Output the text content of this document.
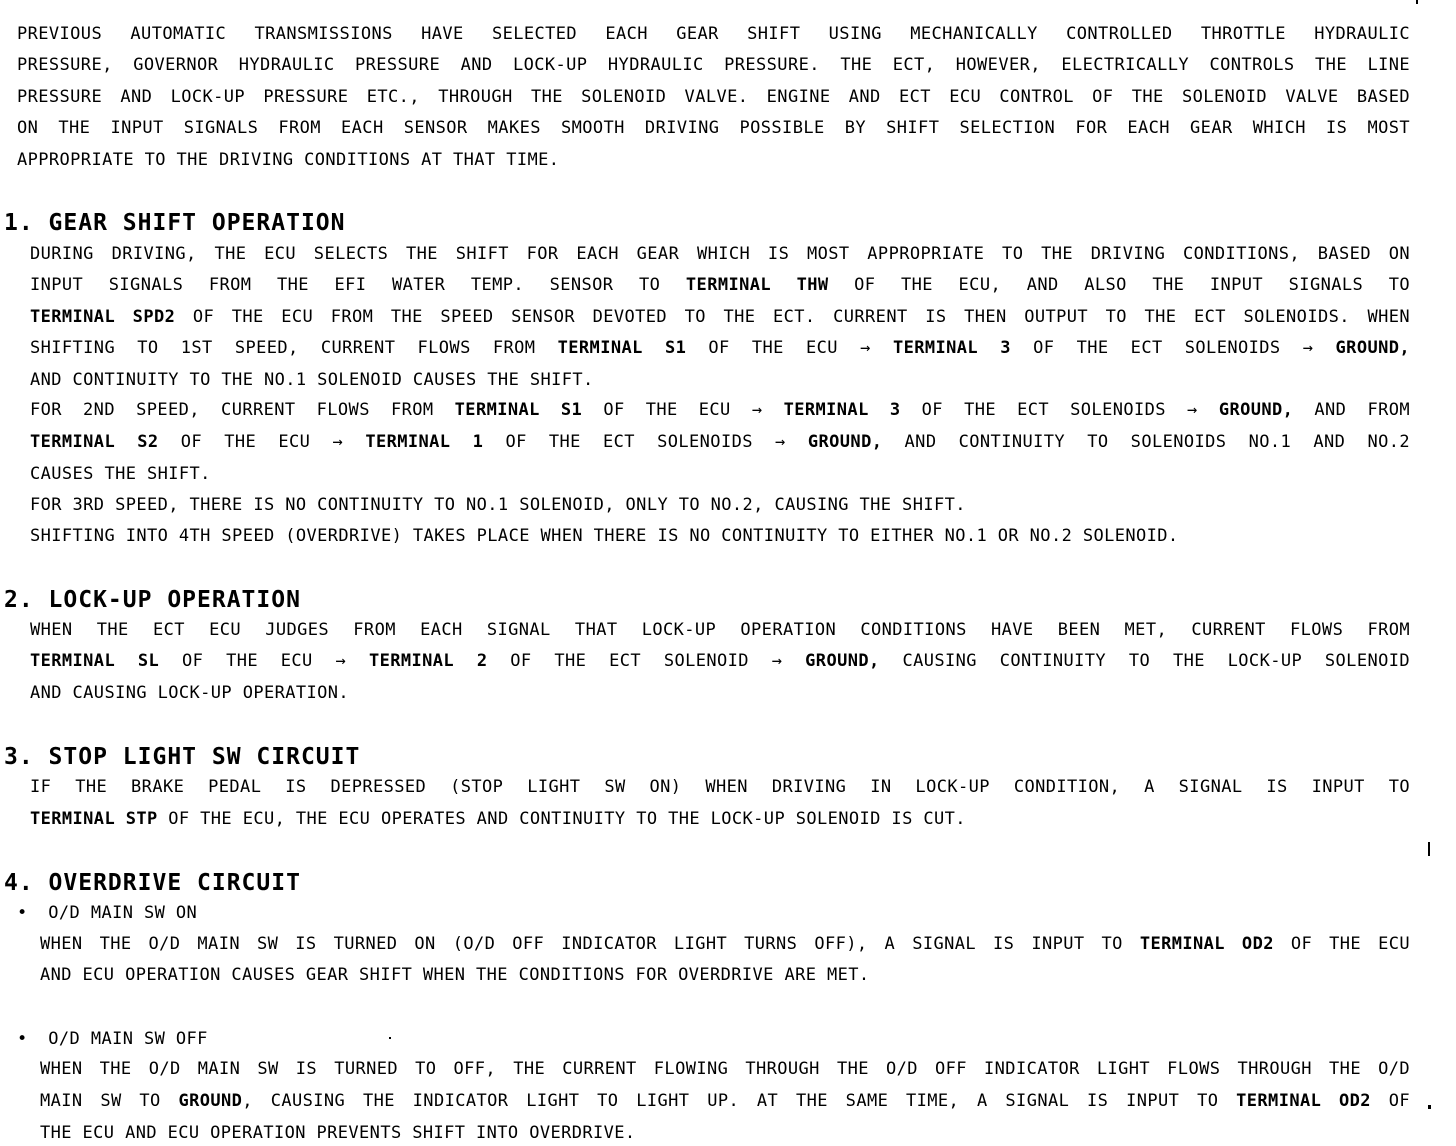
PREVIOUS AUTOMATIC TRANSMISSIONS HAVE SELECTED EACH GEAR SHIFT USING MECHANICALLY CONTROLLED THROTTLE HYDRAULIC
PRESSURE, GOVERNOR HYDRAULIC PRESSURE AND LOCK-UP HYDRAULIC PRESSURE. THE ECT, HOWEVER, ELECTRICALLY CONTROLS THE LINE
PRESSURE AND LOCK-UP PRESSURE ETC., THROUGH THE SOLENOID VALVE. ENGINE AND ECT ECU CONTROL OF THE SOLENOID VALVE BASED
ON THE INPUT SIGNALS FROM EACH SENSOR MAKES SMOOTH DRIVING POSSIBLE BY SHIFT SELECTION FOR EACH GEAR WHICH IS MOST
APPROPRIATE TO THE DRIVING CONDITIONS AT THAT TIME.
1. GEAR SHIFT OPERATION
DURING DRIVING, THE ECU SELECTS THE SHIFT FOR EACH GEAR WHICH IS MOST APPROPRIATE TO THE DRIVING CONDITIONS, BASED ON
INPUT SIGNALS FROM THE EFI WATER TEMP. SENSOR TO TERMINAL THW OF THE ECU, AND ALSO THE INPUT SIGNALS TO
TERMINAL SPD2 OF THE ECU FROM THE SPEED SENSOR DEVOTED TO THE ECT. CURRENT IS THEN OUTPUT TO THE ECT SOLENOIDS. WHEN
SHIFTING TO 1ST SPEED, CURRENT FLOWS FROM TERMINAL S1 OF THE ECU → TERMINAL 3 OF THE ECT SOLENOIDS → GROUND,
AND CONTINUITY TO THE NO.1 SOLENOID CAUSES THE SHIFT.
FOR 2ND SPEED, CURRENT FLOWS FROM TERMINAL S1 OF THE ECU → TERMINAL 3 OF THE ECT SOLENOIDS → GROUND, AND FROM
TERMINAL S2 OF THE ECU → TERMINAL 1 OF THE ECT SOLENOIDS → GROUND, AND CONTINUITY TO SOLENOIDS NO.1 AND NO.2
CAUSES THE SHIFT.
FOR 3RD SPEED, THERE IS NO CONTINUITY TO NO.1 SOLENOID, ONLY TO NO.2, CAUSING THE SHIFT.
SHIFTING INTO 4TH SPEED (OVERDRIVE) TAKES PLACE WHEN THERE IS NO CONTINUITY TO EITHER NO.1 OR NO.2 SOLENOID.
2. LOCK-UP OPERATION
WHEN THE ECT ECU JUDGES FROM EACH SIGNAL THAT LOCK-UP OPERATION CONDITIONS HAVE BEEN MET, CURRENT FLOWS FROM
TERMINAL SL OF THE ECU → TERMINAL 2 OF THE ECT SOLENOID → GROUND, CAUSING CONTINUITY TO THE LOCK-UP SOLENOID
AND CAUSING LOCK-UP OPERATION.
3. STOP LIGHT SW CIRCUIT
IF THE BRAKE PEDAL IS DEPRESSED (STOP LIGHT SW ON) WHEN DRIVING IN LOCK-UP CONDITION, A SIGNAL IS INPUT TO
TERMINAL STP OF THE ECU, THE ECU OPERATES AND CONTINUITY TO THE LOCK-UP SOLENOID IS CUT.
4. OVERDRIVE CIRCUIT
• O/D MAIN SW ON
WHEN THE O/D MAIN SW IS TURNED ON (O/D OFF INDICATOR LIGHT TURNS OFF), A SIGNAL IS INPUT TO TERMINAL OD2 OF THE ECU
AND ECU OPERATION CAUSES GEAR SHIFT WHEN THE CONDITIONS FOR OVERDRIVE ARE MET.
• O/D MAIN SW OFF
WHEN THE O/D MAIN SW IS TURNED TO OFF, THE CURRENT FLOWING THROUGH THE O/D OFF INDICATOR LIGHT FLOWS THROUGH THE O/D
MAIN SW TO GROUND, CAUSING THE INDICATOR LIGHT TO LIGHT UP. AT THE SAME TIME, A SIGNAL IS INPUT TO TERMINAL OD2 OF
THE ECU AND ECU OPERATION PREVENTS SHIFT INTO OVERDRIVE.
